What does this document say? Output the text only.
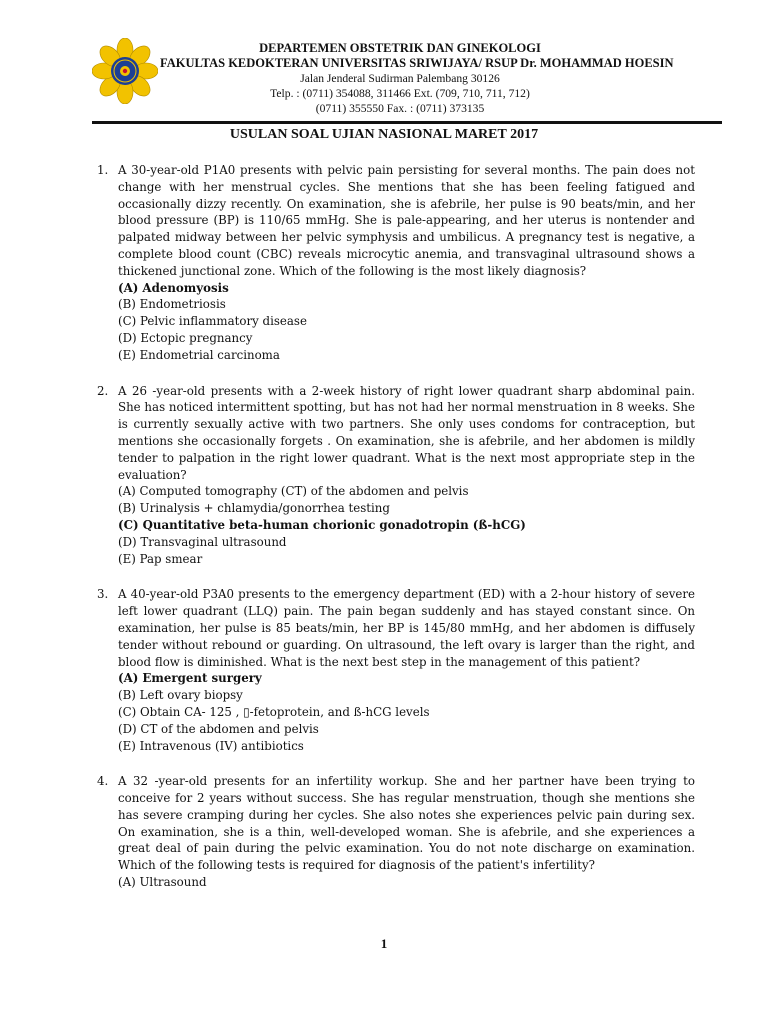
DEPARTEMEN OBSTETRIK DAN GINEKOLOGI
FAKULTAS KEDOKTERAN UNIVERSITAS SRIWIJAYA/ RSUP Dr. MOHAMMAD HOESIN
Jalan Jenderal Sudirman Palembang 30126
Telp. : (0711) 354088, 311466 Ext. (709, 710, 711, 712)
(0711) 355550 Fax. : (0711) 373135
USULAN SOAL UJIAN NASIONAL MARET 2017
1. A 30-year-old P1A0 presents with pelvic pain persisting for several months. The pain does not change with her menstrual cycles. She mentions that she has been feeling fatigued and occasionally dizzy recently. On examination, she is afebrile, her pulse is 90 beats/min, and her blood pressure (BP) is 110/65 mmHg. She is pale-appearing, and her uterus is nontender and palpated midway between her pelvic symphysis and umbilicus. A pregnancy test is negative, a complete blood count (CBC) reveals microcytic anemia, and transvaginal ultrasound shows a thickened junctional zone. Which of the following is the most likely diagnosis?
(A) Adenomyosis
(B) Endometriosis
(C) Pelvic inflammatory disease
(D) Ectopic pregnancy
(E) Endometrial carcinoma
2. A 26 -year-old presents with a 2-week history of right lower quadrant sharp abdominal pain. She has noticed intermittent spotting, but has not had her normal menstruation in 8 weeks. She is currently sexually active with two partners. She only uses condoms for contraception, but mentions she occasionally forgets . On examination, she is afebrile, and her abdomen is mildly tender to palpation in the right lower quadrant. What is the next most appropriate step in the evaluation?
(A) Computed tomography (CT) of the abdomen and pelvis
(B) Urinalysis + chlamydia/gonorrhea testing
(C) Quantitative beta-human chorionic gonadotropin (ß-hCG)
(D) Transvaginal ultrasound
(E) Pap smear
3. A 40-year-old P3A0 presents to the emergency department (ED) with a 2-hour history of severe left lower quadrant (LLQ) pain. The pain began suddenly and has stayed constant since. On examination, her pulse is 85 beats/min, her BP is 145/80 mmHg, and her abdomen is diffusely tender without rebound or guarding. On ultrasound, the left ovary is larger than the right, and blood flow is diminished. What is the next best step in the management of this patient?
(A) Emergent surgery
(B) Left ovary biopsy
(C) Obtain CA- 125 , ▯-fetoprotein, and ß-hCG levels
(D) CT of the abdomen and pelvis
(E) Intravenous (IV) antibiotics
4. A 32 -year-old presents for an infertility workup. She and her partner have been trying to conceive for 2 years without success. She has regular menstruation, though she mentions she has severe cramping during her cycles. She also notes she experiences pelvic pain during sex. On examination, she is a thin, well-developed woman. She is afebrile, and she experiences a great deal of pain during the pelvic examination. You do not note discharge on examination. Which of the following tests is required for diagnosis of the patient's infertility?
(A) Ultrasound
1
